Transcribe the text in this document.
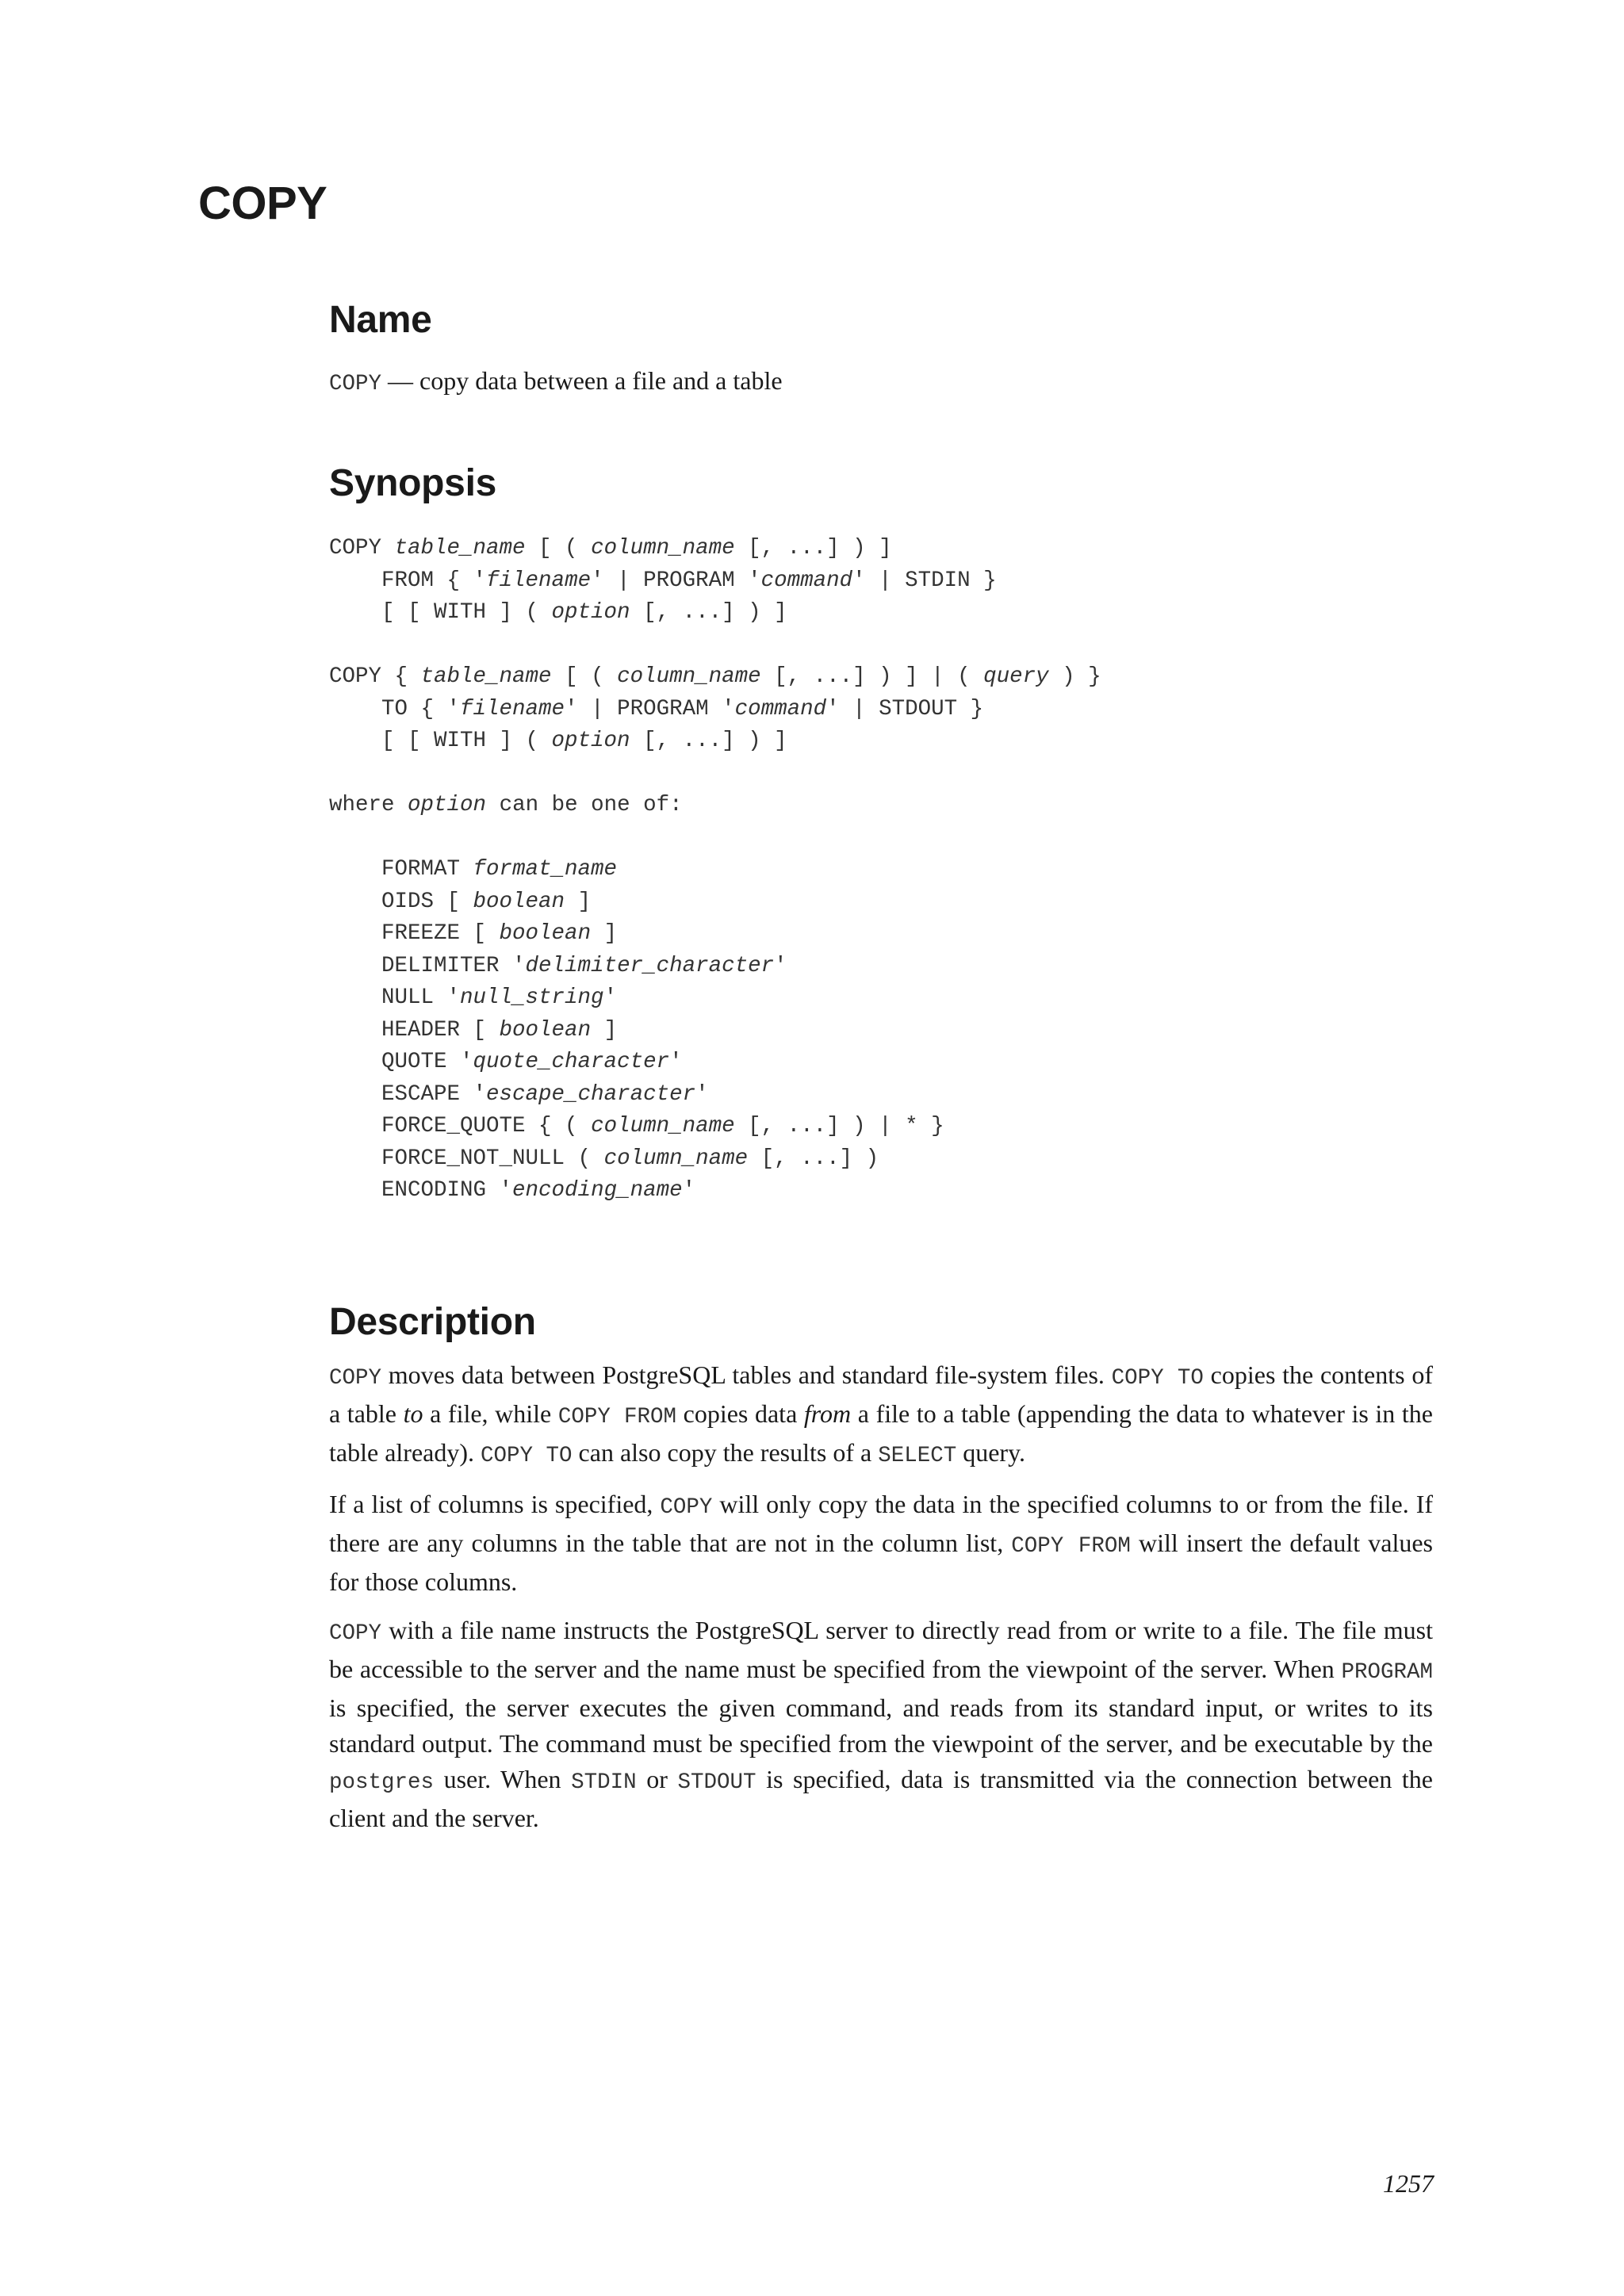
COPY
Name

COPY — copy data between a file and a table

Synopsis
COPY table_name [ ( column_name [, ...] ) ]
FROM { 'filename' | PROGRAM 'command' | STDIN }
[ [ WITH ] ( option [, ...] ) ]

COPY { table_name [ ( column_name [, ...] ) ] | ( query ) }
TO { 'filename' | PROGRAM 'command' | STDOUT }
[ [ WITH ] ( option [, ...] ) ]

where option can be one of:

FORMAT format_name
OIDS [ boolean ]
FREEZE [ boolean ]
DELIMITER 'delimiter_character'
NULL 'null_string'
HEADER [ boolean ]
QUOTE 'quote_character'
ESCAPE 'escape_character'
FORCE_QUOTE { ( column_name [, ...] ) | * }
FORCE_NOT_NULL ( column_name [, ...] )
ENCODING 'encoding_name'
Description

COPY moves data between PostgreSQL tables and standard file-system files. COPY TO copies the contents of a table to a file, while COPY FROM copies data from a file to a table (appending the data to whatever is in the table already). COPY TO can also copy the results of a SELECT query.

If a list of columns is specified, COPY will only copy the data in the specified columns to or from the file. If there are any columns in the table that are not in the column list, COPY FROM will insert the default values for those columns.

COPY with a file name instructs the PostgreSQL server to directly read from or write to a file. The file must be accessible to the server and the name must be specified from the viewpoint of the server. When PROGRAM is specified, the server executes the given command, and reads from its standard input, or writes to its standard output. The command must be specified from the viewpoint of the server, and be executable by the postgres user. When STDIN or STDOUT is specified, data is transmitted via the connection between the client and the server.

1257
